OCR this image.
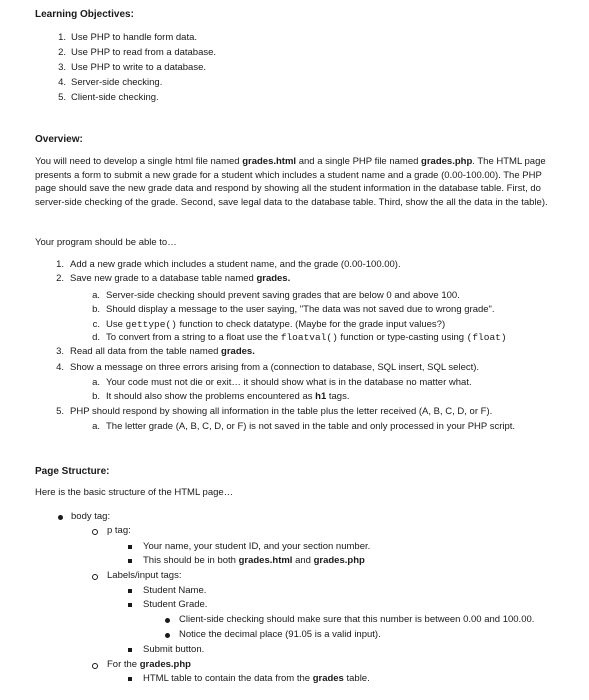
Learning Objectives:
1. Use PHP to handle form data.
2. Use PHP to read from a database.
3. Use PHP to write to a database.
4. Server-side checking.
5. Client-side checking.
Overview:
You will need to develop a single html file named grades.html and a single PHP file named grades.php. The HTML page presents a form to submit a new grade for a student which includes a student name and a grade (0.00-100.00). The PHP page should save the new grade data and respond by showing all the student information in the database table. First, do server-side checking of the grade. Second, save legal data to the database table. Third, show the all the data in the table).
Your program should be able to…
1. Add a new grade which includes a student name, and the grade (0.00-100.00).
2. Save new grade to a database table named grades.
a. Server-side checking should prevent saving grades that are below 0 and above 100.
b. Should display a message to the user saying, "The data was not saved due to wrong grade".
c. Use gettype() function to check datatype. (Maybe for the grade input values?)
d. To convert from a string to a float use the floatval() function or type-casting using (float)
3. Read all data from the table named grades.
4. Show a message on three errors arising from a (connection to database, SQL insert, SQL select).
a. Your code must not die or exit… it should show what is in the database no matter what.
b. It should also show the problems encountered as h1 tags.
5. PHP should respond by showing all information in the table plus the letter received (A, B, C, D, or F).
a. The letter grade (A, B, C, D, or F) is not saved in the table and only processed in your PHP script.
Page Structure:
Here is the basic structure of the HTML page…
body tag:
p tag:
Your name, your student ID, and your section number.
This should be in both grades.html and grades.php
Labels/input tags:
Student Name.
Student Grade.
Client-side checking should make sure that this number is between 0.00 and 100.00.
Notice the decimal place (91.05 is a valid input).
Submit button.
For the grades.php
HTML table to contain the data from the grades table.
